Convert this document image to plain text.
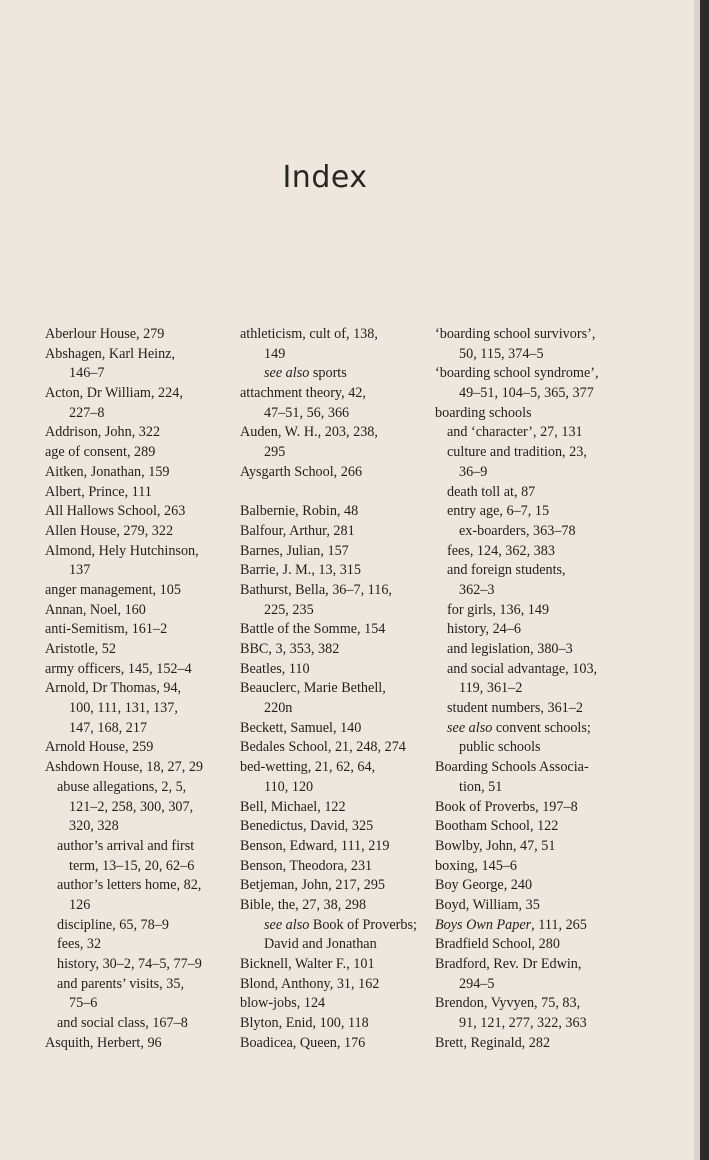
Index
Aberlour House, 279
Abshagen, Karl Heinz,
146–7
Acton, Dr William, 224,
227–8
Addrison, John, 322
age of consent, 289
Aitken, Jonathan, 159
Albert, Prince, 111
All Hallows School, 263
Allen House, 279, 322
Almond, Hely Hutchinson,
137
anger management, 105
Annan, Noel, 160
anti-Semitism, 161–2
Aristotle, 52
army officers, 145, 152–4
Arnold, Dr Thomas, 94,
100, 111, 131, 137,
147, 168, 217
Arnold House, 259
Ashdown House, 18, 27, 29
abuse allegations, 2, 5,
121–2, 258, 300, 307,
320, 328
author’s arrival and first
term, 13–15, 20, 62–6
author’s letters home, 82,
126
discipline, 65, 78–9
fees, 32
history, 30–2, 74–5, 77–9
and parents’ visits, 35,
75–6
and social class, 167–8
Asquith, Herbert, 96
athleticism, cult of, 138,
149
see also sports
attachment theory, 42,
47–51, 56, 366
Auden, W. H., 203, 238,
295
Aysgarth School, 266
Balbernie, Robin, 48
Balfour, Arthur, 281
Barnes, Julian, 157
Barrie, J. M., 13, 315
Bathurst, Bella, 36–7, 116,
225, 235
Battle of the Somme, 154
BBC, 3, 353, 382
Beatles, 110
Beauclerc, Marie Bethell,
220n
Beckett, Samuel, 140
Bedales School, 21, 248, 274
bed-wetting, 21, 62, 64,
110, 120
Bell, Michael, 122
Benedictus, David, 325
Benson, Edward, 111, 219
Benson, Theodora, 231
Betjeman, John, 217, 295
Bible, the, 27, 38, 298
see also Book of Proverbs;
David and Jonathan
Bicknell, Walter F., 101
Blond, Anthony, 31, 162
blow-jobs, 124
Blyton, Enid, 100, 118
Boadicea, Queen, 176
‘boarding school survivors’,
50, 115, 374–5
‘boarding school syndrome’,
49–51, 104–5, 365, 377
boarding schools
and ‘character’, 27, 131
culture and tradition, 23,
36–9
death toll at, 87
entry age, 6–7, 15
ex-boarders, 363–78
fees, 124, 362, 383
and foreign students,
362–3
for girls, 136, 149
history, 24–6
and legislation, 380–3
and social advantage, 103,
119, 361–2
student numbers, 361–2
see also convent schools;
public schools
Boarding Schools Associa-
tion, 51
Book of Proverbs, 197–8
Bootham School, 122
Bowlby, John, 47, 51
boxing, 145–6
Boy George, 240
Boyd, William, 35
Boys Own Paper, 111, 265
Bradfield School, 280
Bradford, Rev. Dr Edwin,
294–5
Brendon, Vyvyen, 75, 83,
91, 121, 277, 322, 363
Brett, Reginald, 282
